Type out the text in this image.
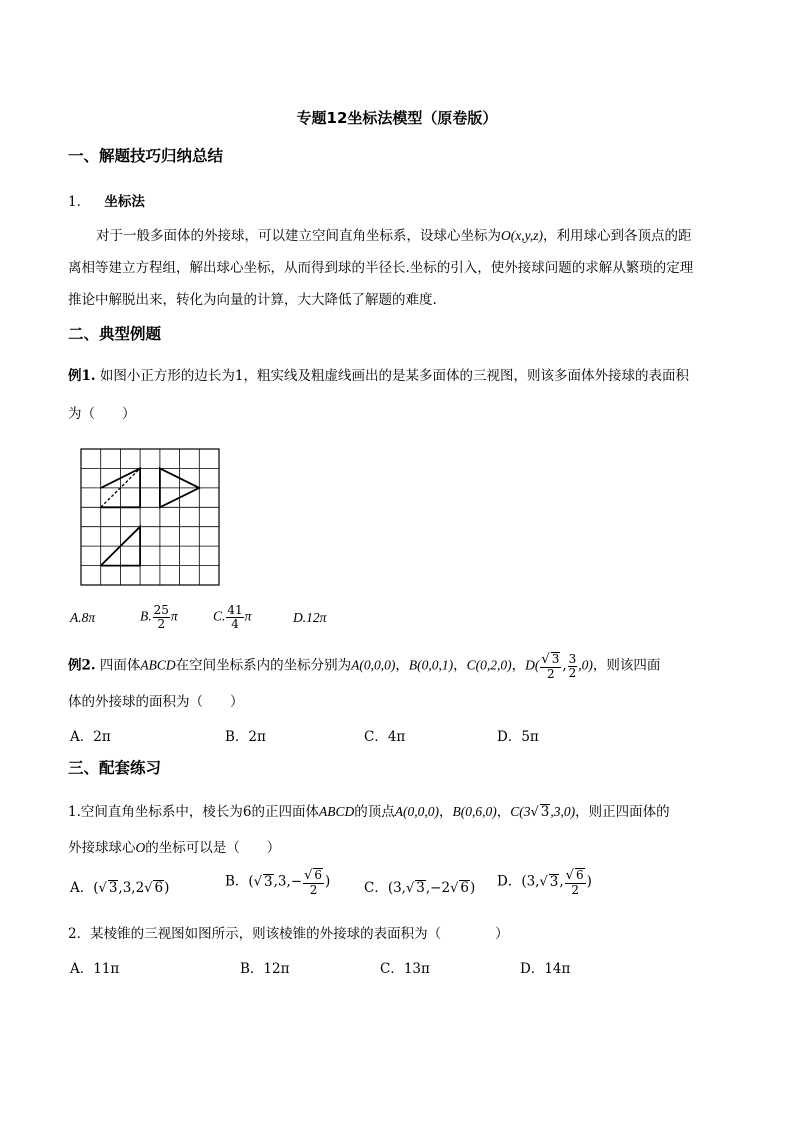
专题12坐标法模型（原卷版）
一、解题技巧归纳总结
1． 坐标法
对于一般多面体的外接球，可以建立空间直角坐标系，设球心坐标为O(x,y,z)，利用球心到各顶点的距
离相等建立方程组，解出球心坐标，从而得到球的半径长.坐标的引入，使外接球问题的求解从繁琐的定理
推论中解脱出来，转化为向量的计算，大大降低了解题的难度.
二、典型例题
例1. 如图小正方形的边长为1，粗实线及粗虚线画出的是某多面体的三视图，则该多面体外接球的表面积
为（　　）
A.8π	B. $\frac{25}{2}$ π	C. $\frac{41}{4}$ π	D.12π
例2. 四面体ABCD在空间坐标系内的坐标分别为A(0,0,0)，B(0,0,1)，C(0,2,0)，$D( \frac{√ 3}{2}$ , $\frac{3}{2} ,0$)，则该四面
体的外接球的面积为（　　）
A．2π	B．2π	C．4π	D．5π
三、配套练习
1.空间直角坐标系中，棱长为6的正四面体ABCD的顶点A(0,0,0)，B(0,6,0)，C(3√ 3,3,0)，则正四面体的
外接球球心O的坐标可以是（　　）
A．(√ 3,3,2√ 6)	B．(√ $3,3,- \frac{√ 6}{2}$ ) C．(3,√ 3,−2√ 6) D．(3,√ 3, $\frac{√ 6}{2}$ )
2．某棱锥的三视图如图所示，则该棱锥的外接球的表面积为（　　　　）
A．11π	B．12π	C．13π	D．14π
